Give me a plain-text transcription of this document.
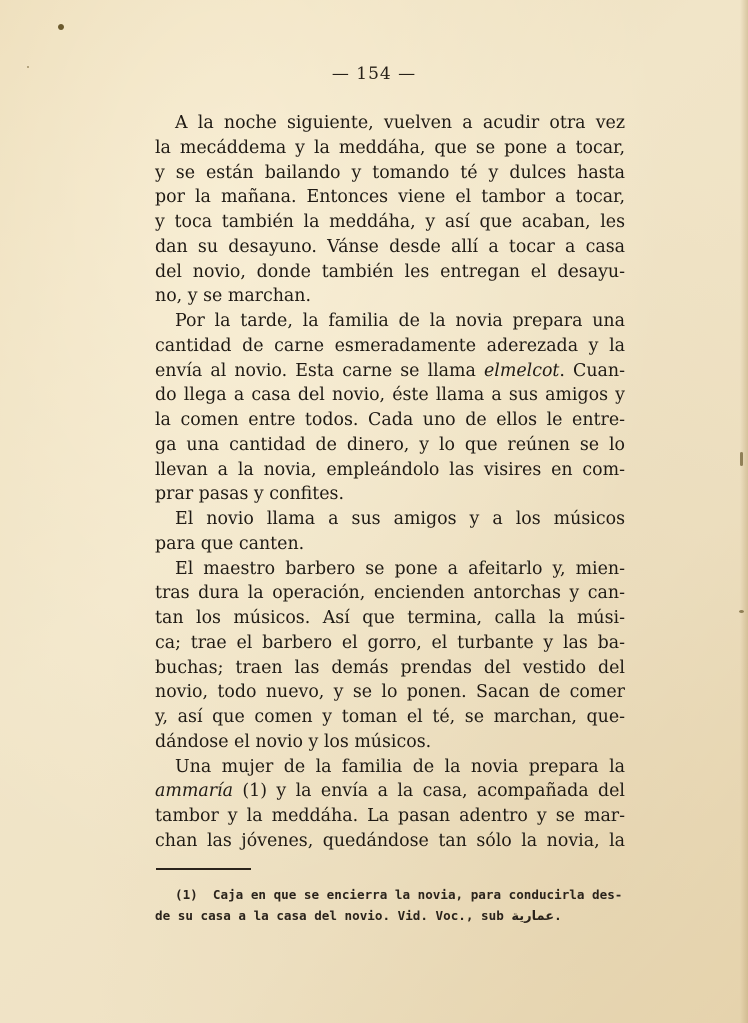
— 154 —
A la noche siguiente, vuelven a acudir otra vez
la mecáddema y la meddáha, que se pone a tocar,
y se están bailando y tomando té y dulces hasta
por la mañana. Entonces viene el tambor a tocar,
y toca también la meddáha, y así que acaban, les
dan su desayuno. Vánse desde allí a tocar a casa
del novio, donde también les entregan el desayu-
no, y se marchan.
Por la tarde, la familia de la novia prepara una
cantidad de carne esmeradamente aderezada y la
envía al novio. Esta carne se llama elmelcot. Cuan-
do llega a casa del novio, éste llama a sus amigos y
la comen entre todos. Cada uno de ellos le entre-
ga una cantidad de dinero, y lo que reúnen se lo
llevan a la novia, empleándolo las visires en com-
prar pasas y confites.
El novio llama a sus amigos y a los músicos
para que canten.
El maestro barbero se pone a afeitarlo y, mien-
tras dura la operación, encienden antorchas y can-
tan los músicos. Así que termina, calla la músi-
ca; trae el barbero el gorro, el turbante y las ba-
buchas; traen las demás prendas del vestido del
novio, todo nuevo, y se lo ponen. Sacan de comer
y, así que comen y toman el té, se marchan, que-
dándose el novio y los músicos.
Una mujer de la familia de la novia prepara la
ammaría (1) y la envía a la casa, acompañada del
tambor y la meddáha. La pasan adentro y se mar-
chan las jóvenes, quedándose tan sólo la novia, la
(1) Caja en que se encierra la novia, para conducirla des-
de su casa a la casa del novio. Vid. Voc., sub عمارية.
